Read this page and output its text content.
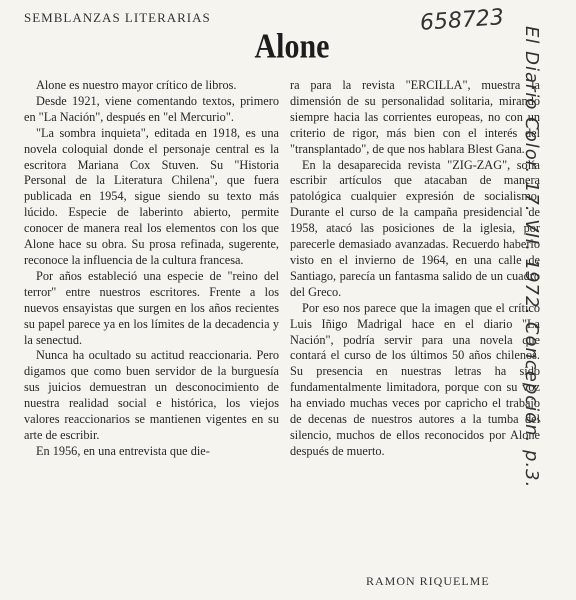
SEMBLANZAS LITERARIAS
Alone
658723

Alone es nuestro mayor crítico de libros.

Desde 1921, viene comentando textos, primero en "La Nación", después en "el Mercurio".

"La sombra inquieta", editada en 1918, es una novela coloquial donde el personaje central es la escritora Mariana Cox Stuven. Su "Historia Personal de la Literatura Chilena", que fuera publicada en 1954, sigue siendo su texto más lúcido. Especie de laberinto abierto, permite conocer de manera real los elementos con los que Alone hace su obra. Su prosa refinada, sugerente, reconoce la influencia de la cultura francesa.

Por años estableció una especie de "reino del terror" entre nuestros escritores. Frente a los nuevos ensayistas que surgen en los años recientes su papel parece ya en los límites de la decadencia y la senectud.

Nunca ha ocultado su actitud reaccionaria. Pero digamos que como buen servidor de la burguesía sus juicios demuestran un desconocimiento de nuestra realidad social e histórica, los viejos valores reaccionarios se mantienen vigentes en su arte de escribir.

En 1956, en una entrevista que die-

ra para la revista "ERCILLA", muestra la dimensión de su personalidad solitaria, mirando siempre hacia las corrientes europeas, no con un criterio de rigor, más bien con el interés del "transplantado", de que nos hablara Blest Gana.

En la desaparecida revista "ZIG-ZAG", solía escribir artículos que atacaban de manera patológica cualquier expresión de socialismo. Durante el curso de la campaña presidencial de 1958, atacó las posiciones de la iglesia, por parecerle demasiado avanzadas. Recuerdo haberlo visto en el invierno de 1964, en una calle de Santiago, parecía un fantasma salido de un cuadro del Greco.

Por eso nos parece que la imagen que el crítico Luis Iñigo Madrigal hace en el diario "La Nación", podría servir para una novela que contará el curso de los últimos 50 años chilenos. Su presencia en nuestras letras ha sido fundamentalmente limitadora, porque con su voz ha enviado muchas veces por capricho el trabajo de decenas de nuestros autores a la tumba del silencio, muchos de ellos reconocidos por Alone después de muerto.

RAMON RIQUELME
El Diario Color. 17. VII. 1972. Concepción. p.3.
